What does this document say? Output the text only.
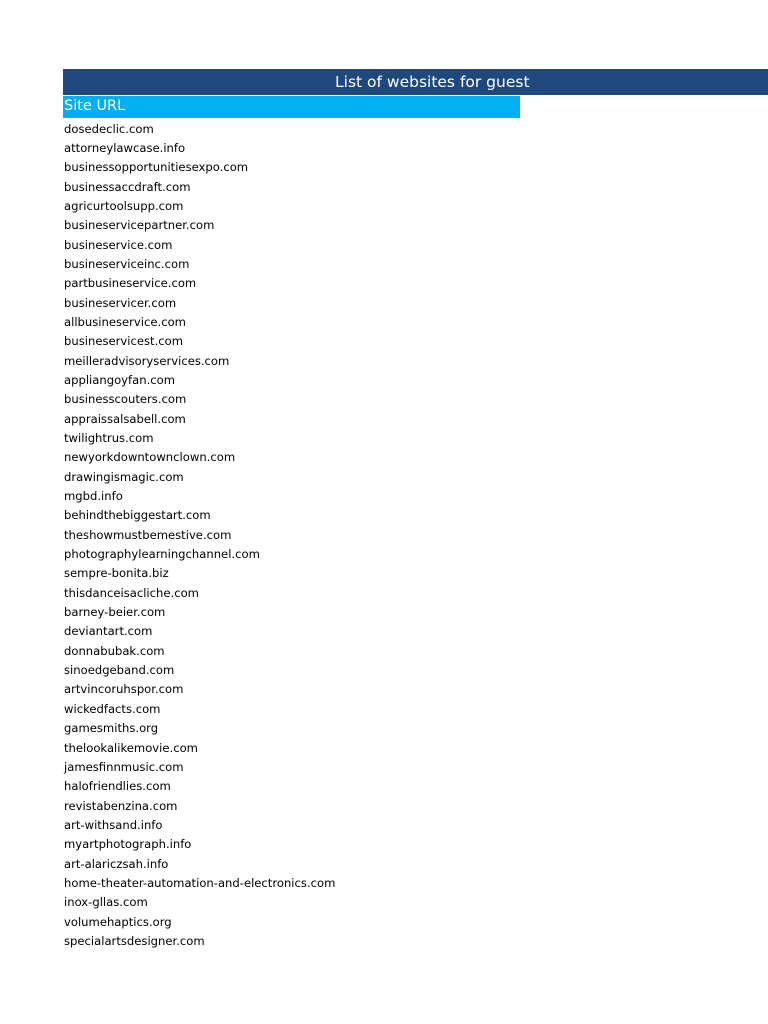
List of websites for guest
Site URL
dosedeclic.com
attorneylawcase.info
businessopportunitiesexpo.com
businessaccdraft.com
agricurtoolsupp.com
busineservicepartner.com
busineservice.com
busineserviceinc.com
partbusineservice.com
busineservicer.com
allbusineservice.com
busineservicest.com
meilleradvisoryservices.com
appliangoyfan.com
businesscouters.com
appraissalsabell.com
twilightrus.com
newyorkdowntownclown.com
drawingismagic.com
mgbd.info
behindthebiggestart.com
theshowmustbemestive.com
photographylearningchannel.com
sempre-bonita.biz
thisdanceisacliche.com
barney-beier.com
deviantart.com
donnabubak.com
sinoedgeband.com
artvincoruhspor.com
wickedfacts.com
gamesmiths.org
thelookalikemovie.com
jamesfinnmusic.com
halofriendlies.com
revistabenzina.com
art-withsand.info
myartphotograph.info
art-alariczsah.info
home-theater-automation-and-electronics.com
inox-gllas.com
volumehaptics.org
specialartsdesigner.com
